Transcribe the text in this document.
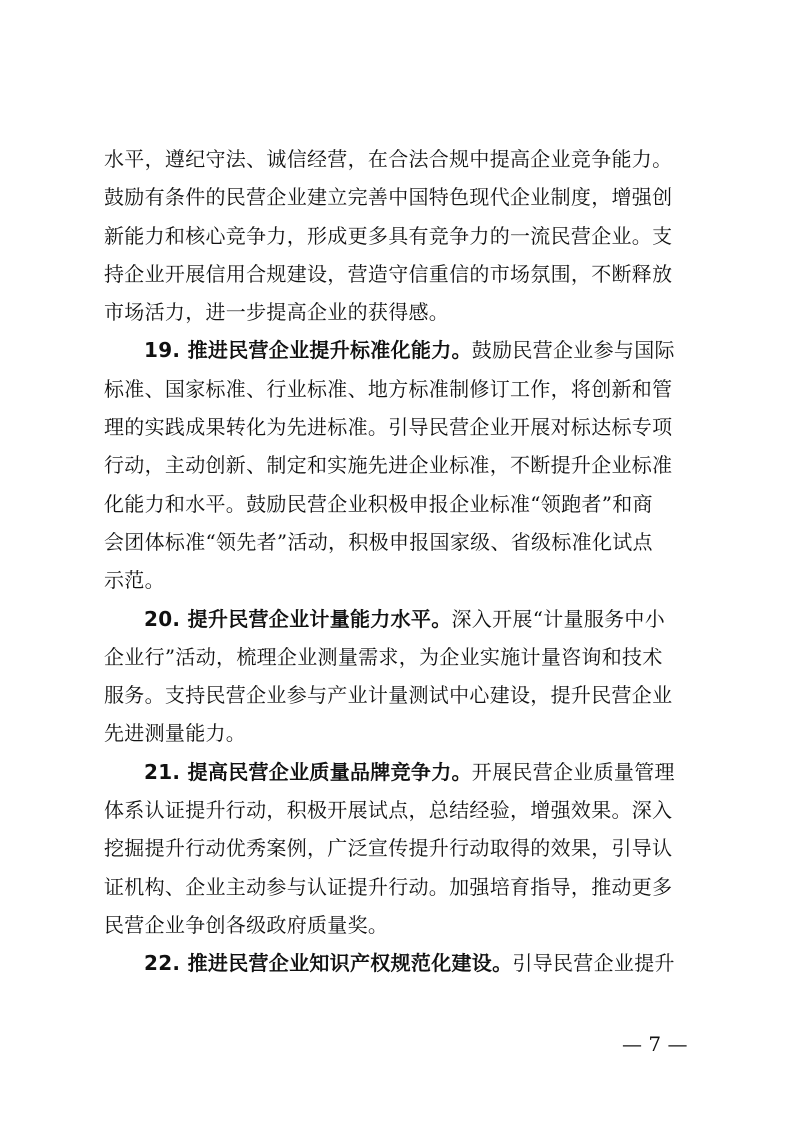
水平，遵纪守法、诚信经营，在合法合规中提高企业竞争能力。
鼓励有条件的民营企业建立完善中国特色现代企业制度，增强创
新能力和核心竞争力，形成更多具有竞争力的一流民营企业。支
持企业开展信用合规建设，营造守信重信的市场氛围，不断释放
市场活力，进一步提高企业的获得感。
19. 推进民营企业提升标准化能力。鼓励民营企业参与国际
标准、国家标准、行业标准、地方标准制修订工作，将创新和管
理的实践成果转化为先进标准。引导民营企业开展对标达标专项
行动，主动创新、制定和实施先进企业标准，不断提升企业标准
化能力和水平。鼓励民营企业积极申报企业标准“领跑者”和商
会团体标准“领先者”活动，积极申报国家级、省级标准化试点
示范。
20. 提升民营企业计量能力水平。深入开展“计量服务中小
企业行”活动，梳理企业测量需求，为企业实施计量咨询和技术
服务。支持民营企业参与产业计量测试中心建设，提升民营企业
先进测量能力。
21. 提高民营企业质量品牌竞争力。开展民营企业质量管理
体系认证提升行动，积极开展试点，总结经验，增强效果。深入
挖掘提升行动优秀案例，广泛宣传提升行动取得的效果，引导认
证机构、企业主动参与认证提升行动。加强培育指导，推动更多
民营企业争创各级政府质量奖。
22. 推进民营企业知识产权规范化建设。引导民营企业提升
— 7 —
